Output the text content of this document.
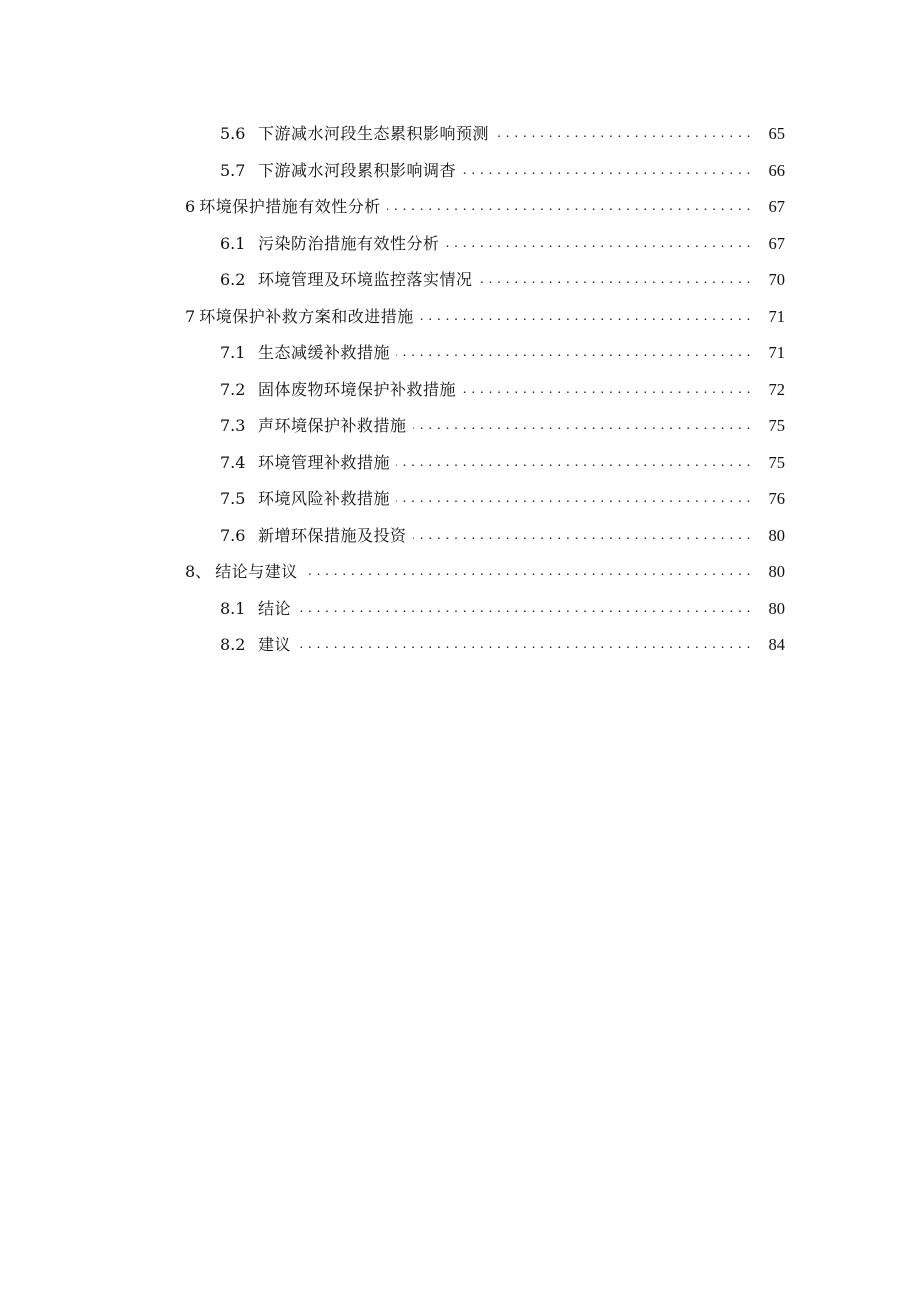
5.6 下游减水河段生态累积影响预测 . . .	65
5.7 下游减水河段累积影响调杳 . . .	66
6 环境保护措施有效性分析 . . .	67
6.1 污染防治措施有效性分析 . . .	67
6.2 环境管理及环境监控落实情况 . . .	70
7 环境保护补救方案和改进措施 . . .	71
7.1 生态减缓补救措施 . . .	71
7.2 固体废物环境保护补救措施 . . .	72
7.3 声环境保护补救措施 . . .	75
7.4 环境管理补救措施 . . .	75
7.5 环境风险补救措施 . . .	76
7.6 新增环保措施及投资 . . .	80
8、 结论与建议 . . .	80
8.1 结论 . . .	80
8.2 建议 . . .	84
